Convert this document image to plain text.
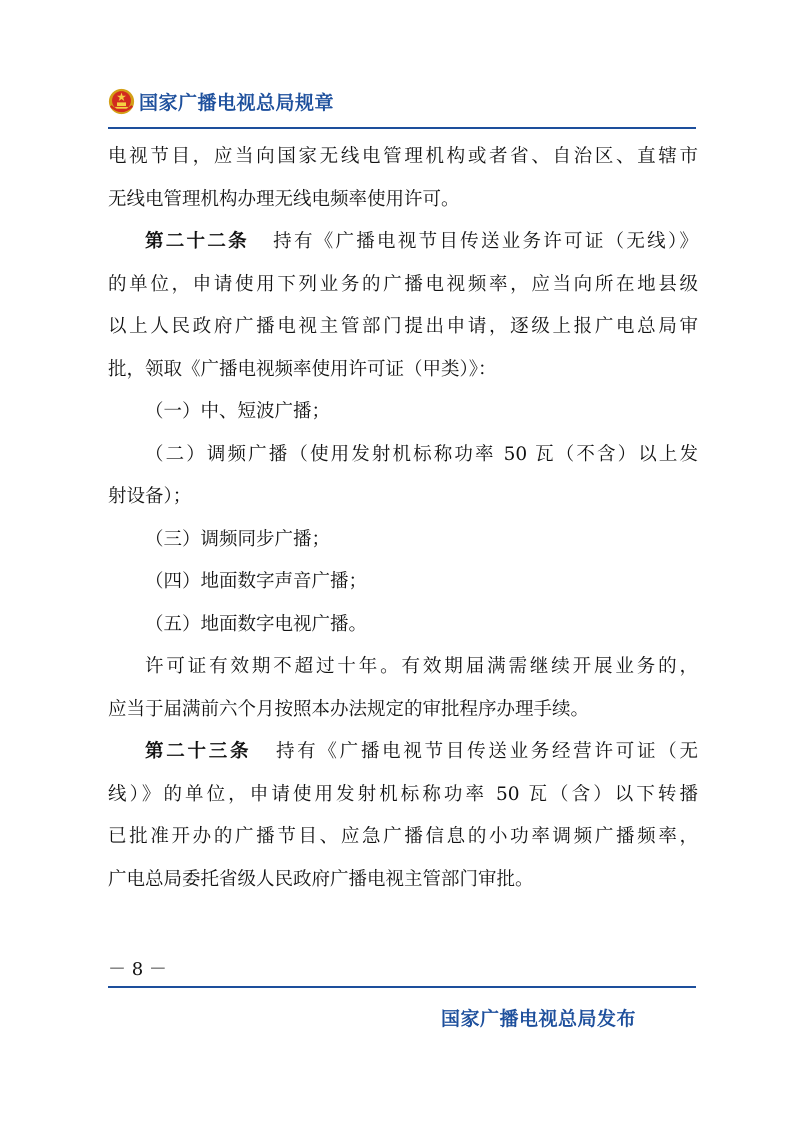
国家广播电视总局规章
电视节目，应当向国家无线电管理机构或者省、自治区、直辖市
无线电管理机构办理无线电频率使用许可。
第二十二条 持有《广播电视节目传送业务许可证（无线）》
的单位，申请使用下列业务的广播电视频率，应当向所在地县级
以上人民政府广播电视主管部门提出申请，逐级上报广电总局审
批，领取《广播电视频率使用许可证（甲类）》：
（一）中、短波广播；
（二）调频广播（使用发射机标称功率 50 瓦（不含）以上发
射设备）；
（三）调频同步广播；
（四）地面数字声音广播；
（五）地面数字电视广播。
许可证有效期不超过十年。有效期届满需继续开展业务的，
应当于届满前六个月按照本办法规定的审批程序办理手续。
第二十三条 持有《广播电视节目传送业务经营许可证（无
线）》的单位，申请使用发射机标称功率 50 瓦（含）以下转播
已批准开办的广播节目、应急广播信息的小功率调频广播频率，
广电总局委托省级人民政府广播电视主管部门审批。
－ 8 －
国家广播电视总局发布
